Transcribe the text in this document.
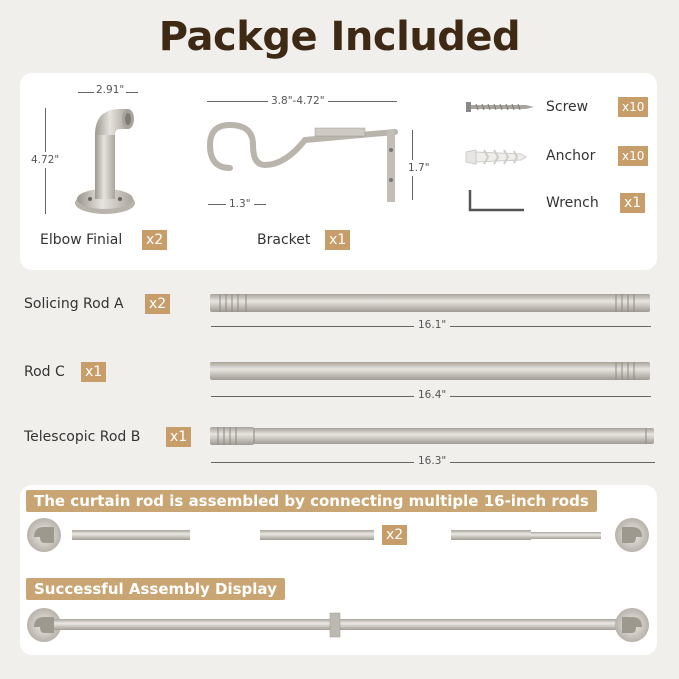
Packge Included
2.91"
4.72"
Elbow Finial x2
3.8"-4.72"
1.7"
1.3"
Bracket x1
Screw	x10
Anchor	x10
Wrench x1
Solicing Rod A x2
16.1"
Rod C x1
16.4"
Telescopic Rod B x1
16.3"
The curtain rod is assembled by connecting multiple 16-inch rods
x2
Successful Assembly Display
